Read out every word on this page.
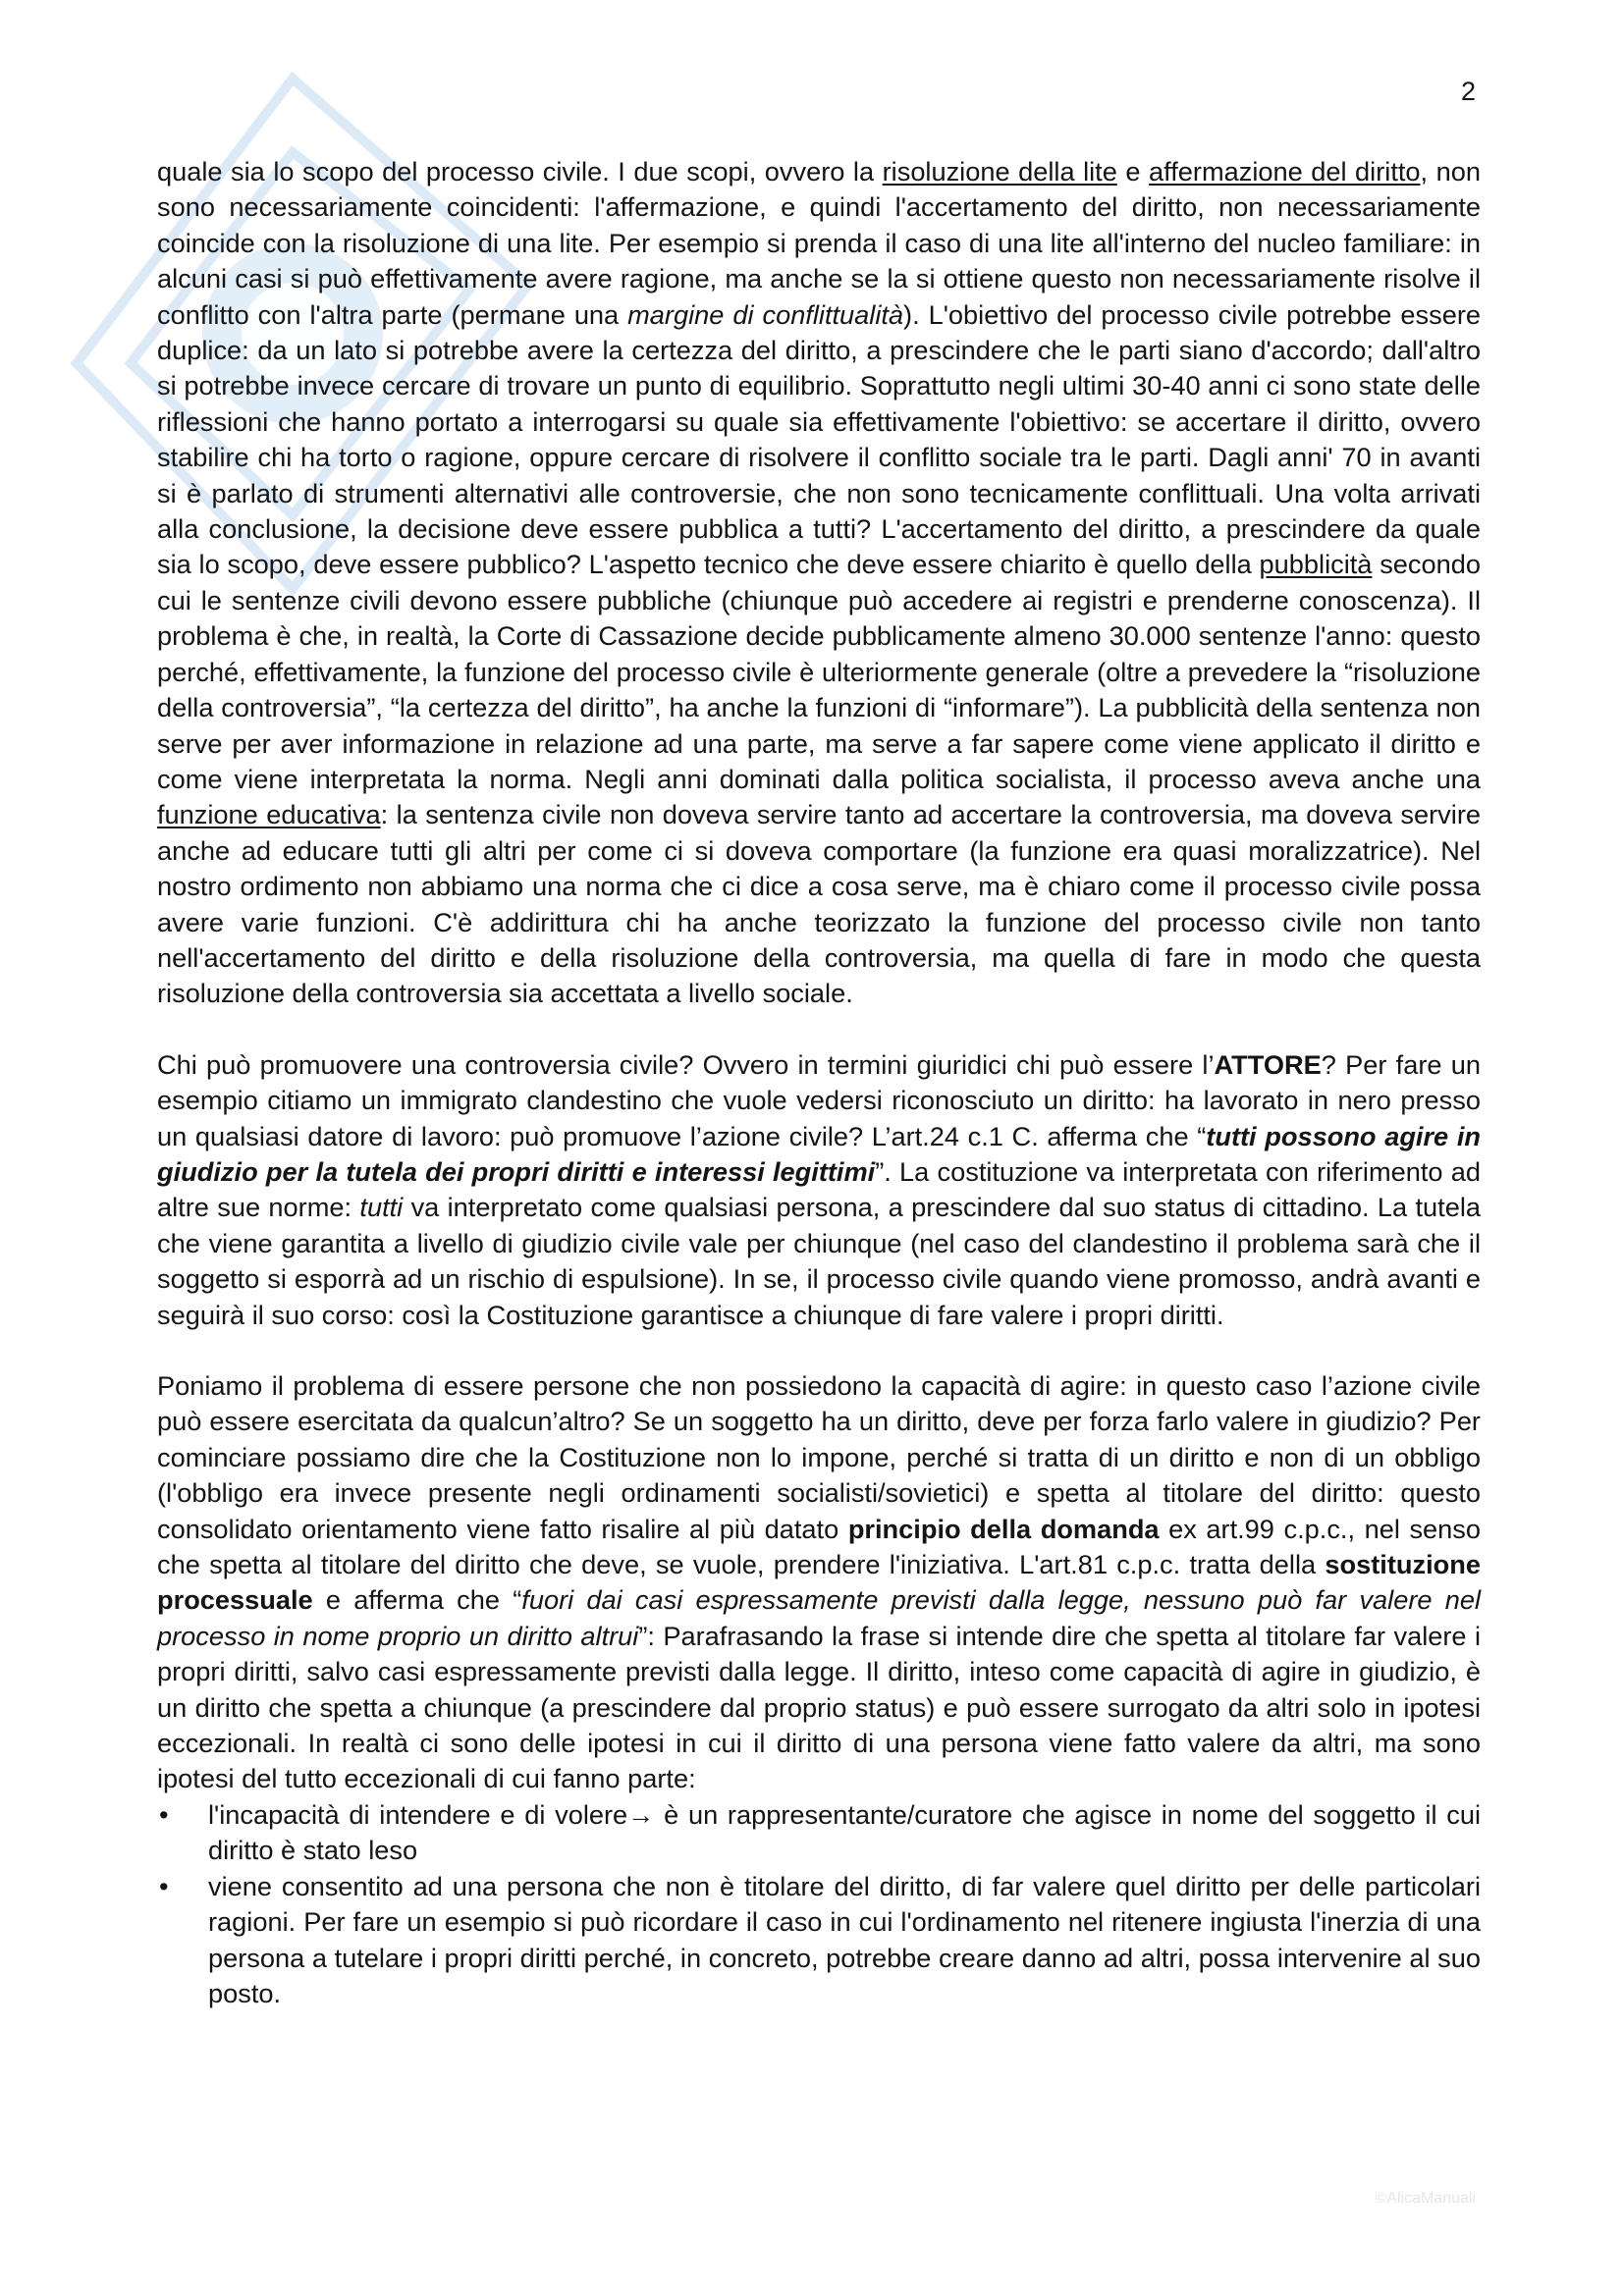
2

quale sia lo scopo del processo civile. I due scopi, ovvero la risoluzione della lite e affermazione del diritto, non sono necessariamente coincidenti: l'affermazione, e quindi l'accertamento del diritto, non necessariamente coincide con la risoluzione di una lite. Per esempio si prenda il caso di una lite all'interno del nucleo familiare: in alcuni casi si può effettivamente avere ragione, ma anche se la si ottiene questo non necessariamente risolve il conflitto con l'altra parte (permane una margine di conflittualità). L'obiettivo del processo civile potrebbe essere duplice: da un lato si potrebbe avere la certezza del diritto, a prescindere che le parti siano d'accordo; dall'altro si potrebbe invece cercare di trovare un punto di equilibrio. Soprattutto negli ultimi 30-40 anni ci sono state delle riflessioni che hanno portato a interrogarsi su quale sia effettivamente l'obiettivo: se accertare il diritto, ovvero stabilire chi ha torto o ragione, oppure cercare di risolvere il conflitto sociale tra le parti. Dagli anni' 70 in avanti si è parlato di strumenti alternativi alle controversie, che non sono tecnicamente conflittuali. Una volta arrivati alla conclusione, la decisione deve essere pubblica a tutti? L'accertamento del diritto, a prescindere da quale sia lo scopo, deve essere pubblico? L'aspetto tecnico che deve essere chiarito è quello della pubblicità secondo cui le sentenze civili devono essere pubbliche (chiunque può accedere ai registri e prenderne conoscenza). Il problema è che, in realtà, la Corte di Cassazione decide pubblicamente almeno 30.000 sentenze l'anno: questo perché, effettivamente, la funzione del processo civile è ulteriormente generale (oltre a prevedere la “risoluzione della controversia”, “la certezza del diritto”, ha anche la funzioni di “informare”). La pubblicità della sentenza non serve per aver informazione in relazione ad una parte, ma serve a far sapere come viene applicato il diritto e come viene interpretata la norma. Negli anni dominati dalla politica socialista, il processo aveva anche una funzione educativa: la sentenza civile non doveva servire tanto ad accertare la controversia, ma doveva servire anche ad educare tutti gli altri per come ci si doveva comportare (la funzione era quasi moralizzatrice). Nel nostro ordimento non abbiamo una norma che ci dice a cosa serve, ma è chiaro come il processo civile possa avere varie funzioni. C'è addirittura chi ha anche teorizzato la funzione del processo civile non tanto nell'accertamento del diritto e della risoluzione della controversia, ma quella di fare in modo che questa risoluzione della controversia sia accettata a livello sociale.

Chi può promuovere una controversia civile? Ovvero in termini giuridici chi può essere l’ATTORE? Per fare un esempio citiamo un immigrato clandestino che vuole vedersi riconosciuto un diritto: ha lavorato in nero presso un qualsiasi datore di lavoro: può promuove l’azione civile? L’art.24 c.1 C. afferma che “tutti possono agire in giudizio per la tutela dei propri diritti e interessi legittimi”. La costituzione va interpretata con riferimento ad altre sue norme: tutti va interpretato come qualsiasi persona, a prescindere dal suo status di cittadino. La tutela che viene garantita a livello di giudizio civile vale per chiunque (nel caso del clandestino il problema sarà che il soggetto si esporrà ad un rischio di espulsione). In se, il processo civile quando viene promosso, andrà avanti e seguirà il suo corso: così la Costituzione garantisce a chiunque di fare valere i propri diritti.

Poniamo il problema di essere persone che non possiedono la capacità di agire: in questo caso l’azione civile può essere esercitata da qualcun’altro? Se un soggetto ha un diritto, deve per forza farlo valere in giudizio? Per cominciare possiamo dire che la Costituzione non lo impone, perché si tratta di un diritto e non di un obbligo (l'obbligo era invece presente negli ordinamenti socialisti/sovietici) e spetta al titolare del diritto: questo consolidato orientamento viene fatto risalire al più datato principio della domanda ex art.99 c.p.c., nel senso che spetta al titolare del diritto che deve, se vuole, prendere l'iniziativa. L'art.81 c.p.c. tratta della sostituzione processuale e afferma che “fuori dai casi espressamente previsti dalla legge, nessuno può far valere nel processo in nome proprio un diritto altrui”: Parafrasando la frase si intende dire che spetta al titolare far valere i propri diritti, salvo casi espressamente previsti dalla legge. Il diritto, inteso come capacità di agire in giudizio, è un diritto che spetta a chiunque (a prescindere dal proprio status) e può essere surrogato da altri solo in ipotesi eccezionali. In realtà ci sono delle ipotesi in cui il diritto di una persona viene fatto valere da altri, ma sono ipotesi del tutto eccezionali di cui fanno parte:

• l'incapacità di intendere e di volere→ è un rappresentante/curatore che agisce in nome del soggetto il cui diritto è stato leso
• viene consentito ad una persona che non è titolare del diritto, di far valere quel diritto per delle particolari ragioni. Per fare un esempio si può ricordare il caso in cui l'ordinamento nel ritenere ingiusta l'inerzia di una persona a tutelare i propri diritti perché, in concreto, potrebbe creare danno ad altri, possa intervenire al suo posto.
©AlicaManuali
